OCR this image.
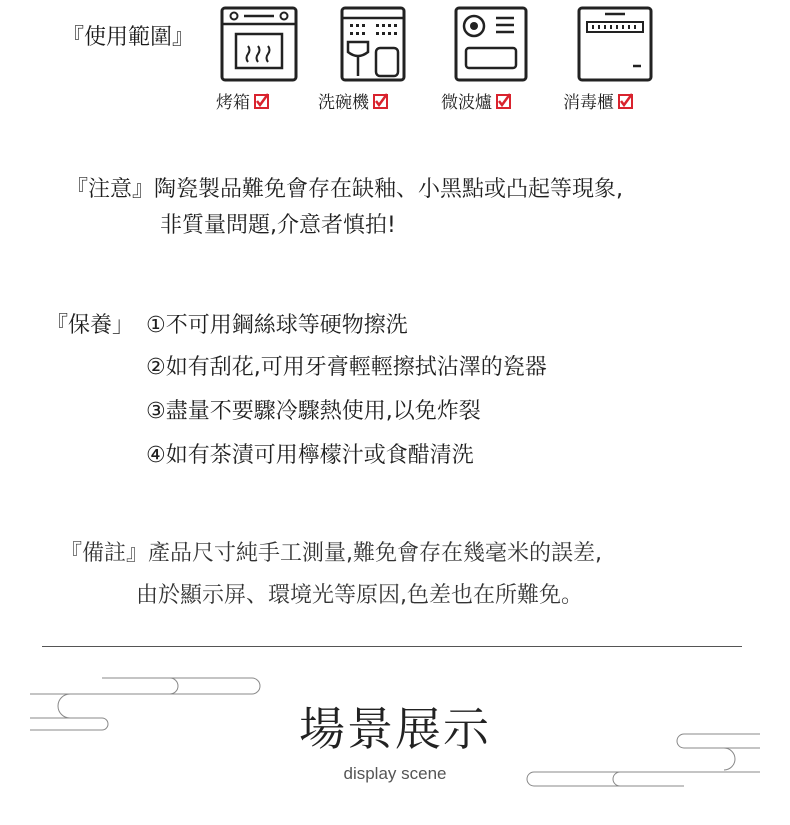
『使用範圍』
烤箱	洗碗機	微波爐	消毒櫃
『注意』陶瓷製品難免會存在缺釉、小黑點或凸起等現象,
非質量問題,介意者慎拍!
『保養」 ①不可用鋼絲球等硬物擦洗
②如有刮花,可用牙膏輕輕擦拭沾澤的瓷器
③盡量不要驟冷驟熱使用,以免炸裂
④如有茶漬可用檸檬汁或食醋清洗
『備註』產品尺寸純手工測量,難免會存在幾毫米的誤差,
由於顯示屏、環境光等原因,色差也在所難免。
場景展示
display scene
